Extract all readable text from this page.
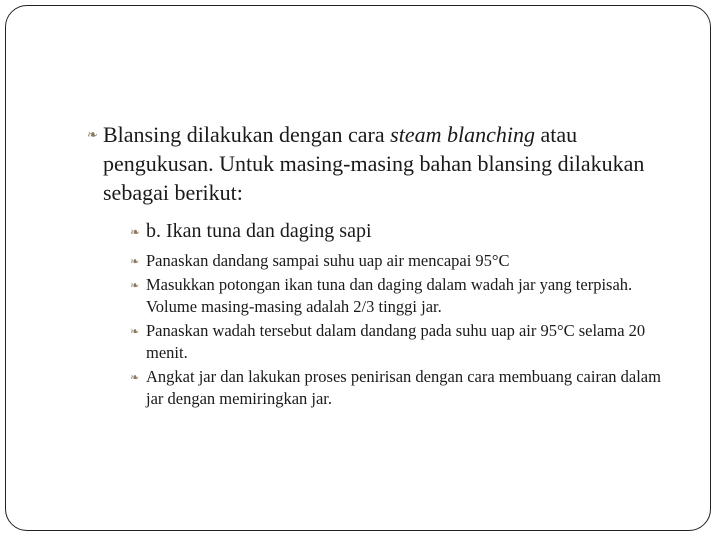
❧ Blansing dilakukan dengan cara steam blanching atau pengukusan. Untuk masing-masing bahan blansing dilakukan sebagai berikut:
❧ b. Ikan tuna dan daging sapi
❧ Panaskan dandang sampai suhu uap air mencapai 95°C
❧ Masukkan potongan ikan tuna dan daging dalam wadah jar yang terpisah. Volume masing-masing adalah 2/3 tinggi jar.
❧ Panaskan wadah tersebut dalam dandang pada suhu uap air 95°C selama 20 menit.
❧ Angkat jar dan lakukan proses penirisan dengan cara membuang cairan dalam jar dengan memiringkan jar.
